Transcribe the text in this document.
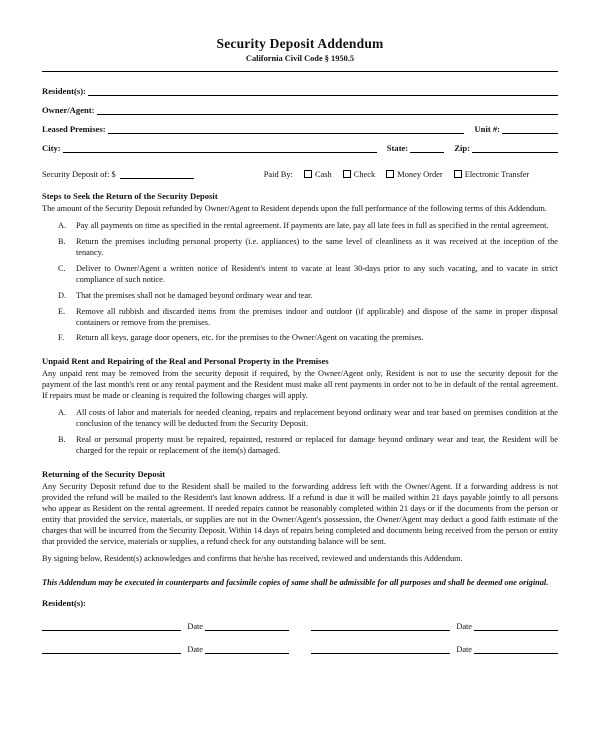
Security Deposit Addendum
California Civil Code § 1950.5
Resident(s):
Owner/Agent:
Leased Premises:	Unit #:
City:	State:	Zip:
Security Deposit of: $	Paid By:	Cash	Check	Money Order	Electronic Transfer
Steps to Seek the Return of the Security Deposit

The amount of the Security Deposit refunded by Owner/Agent to Resident depends upon the full performance of the following terms of this Addendum.

A.	Pay all payments on time as specified in the rental agreement. If payments are late, pay all late fees in full as specified in the rental agreement.
B.	Return the premises including personal property (i.e. appliances) to the same level of cleanliness as it was received at the inception of the tenancy.
C.	Deliver to Owner/Agent a written notice of Resident's intent to vacate at least 30-days prior to any such vacating, and to vacate in strict compliance of such notice.
D.	That the premises shall not be damaged beyond ordinary wear and tear.
E.	Remove all rubbish and discarded items from the premises indoor and outdoor (if applicable) and dispose of the same in proper disposal containers or remove from the premises.
F.	Return all keys, garage door openers, etc. for the premises to the Owner/Agent on vacating the premises.
Unpaid Rent and Repairing of the Real and Personal Property in the Premises

Any unpaid rent may be removed from the security deposit if required, by the Owner/Agent only, Resident is not to use the security deposit for the payment of the last month's rent or any rental payment and the Resident must make all rent payments in order not to be in default of the rental agreement. If repairs must be made or cleaning is required the following charges will apply.

A.	All costs of labor and materials for needed cleaning, repairs and replacement beyond ordinary wear and tear based on premises condition at the conclusion of the tenancy will be deducted from the Security Deposit.
B.	Real or personal property must be repaired, repainted, restored or replaced for damage beyond ordinary wear and tear, the Resident will be charged for the repair or replacement of the item(s) damaged.
Returning of the Security Deposit

Any Security Deposit refund due to the Resident shall be mailed to the forwarding address left with the Owner/Agent. If a forwarding address is not provided the refund will be mailed to the Resident's last known address. If a refund is due it will be mailed within 21 days payable jointly to all persons who appear as Resident on the rental agreement. If needed repairs cannot be reasonably completed within 21 days or if the documents from the person or entity that provided the service, materials, or supplies are not in the Owner/Agent's possession, the Owner/Agent may deduct a good faith estimate of the charges that will be incurred from the Security Deposit. Within 14 days of repairs being completed and documents being received from the person or entity that provided the service, materials or supplies, a refund check for any outstanding balance will be sent.

By signing below, Resident(s) acknowledges and confirms that he/she has received, reviewed and understands this Addendum.

This Addendum may be executed in counterparts and facsimile copies of same shall be admissible for all purposes and shall be deemed one original.

Resident(s):
Date	Date
Date	Date
